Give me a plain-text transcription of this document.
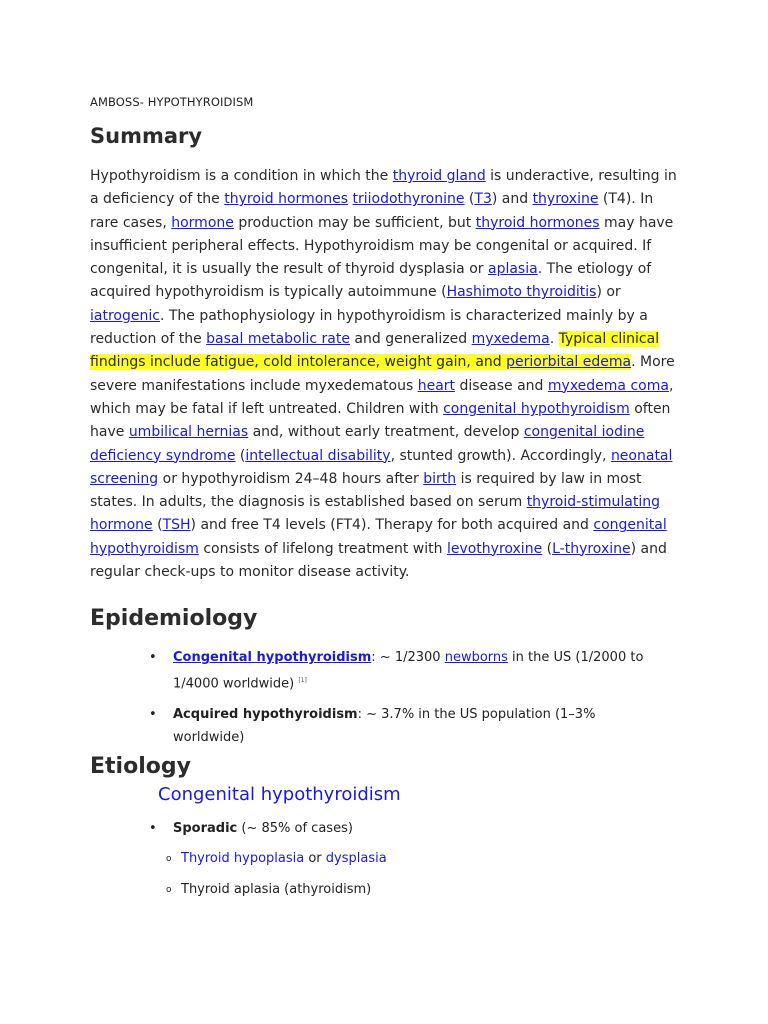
AMBOSS- HYPOTHYROIDISM
Summary

Hypothyroidism is a condition in which the thyroid gland is underactive, resulting in a deficiency of the thyroid hormones triiodothyronine (T3) and thyroxine (T4). In rare cases, hormone production may be sufficient, but thyroid hormones may have insufficient peripheral effects. Hypothyroidism may be congenital or acquired. If congenital, it is usually the result of thyroid dysplasia or aplasia. The etiology of acquired hypothyroidism is typically autoimmune (Hashimoto thyroiditis) or iatrogenic. The pathophysiology in hypothyroidism is characterized mainly by a reduction of the basal metabolic rate and generalized myxedema. Typical clinical findings include fatigue, cold intolerance, weight gain, and periorbital edema. More severe manifestations include myxedematous heart disease and myxedema coma, which may be fatal if left untreated. Children with congenital hypothyroidism often have umbilical hernias and, without early treatment, develop congenital iodine deficiency syndrome (intellectual disability, stunted growth). Accordingly, neonatal screening or hypothyroidism 24–48 hours after birth is required by law in most states. In adults, the diagnosis is established based on serum thyroid-stimulating hormone (TSH) and free T4 levels (FT4). Therapy for both acquired and congenital hypothyroidism consists of lifelong treatment with levothyroxine (L-thyroxine) and regular check-ups to monitor disease activity.

Epidemiology
• Congenital hypothyroidism: ~ 1/2300 newborns in the US (1/2000 to 1/4000 worldwide) [1]
• Acquired hypothyroidism: ~ 3.7% in the US population (1–3% worldwide)
Etiology
Congenital hypothyroidism
• Sporadic (~ 85% of cases)
o Thyroid hypoplasia or dysplasia
o Thyroid aplasia (athyroidism)
